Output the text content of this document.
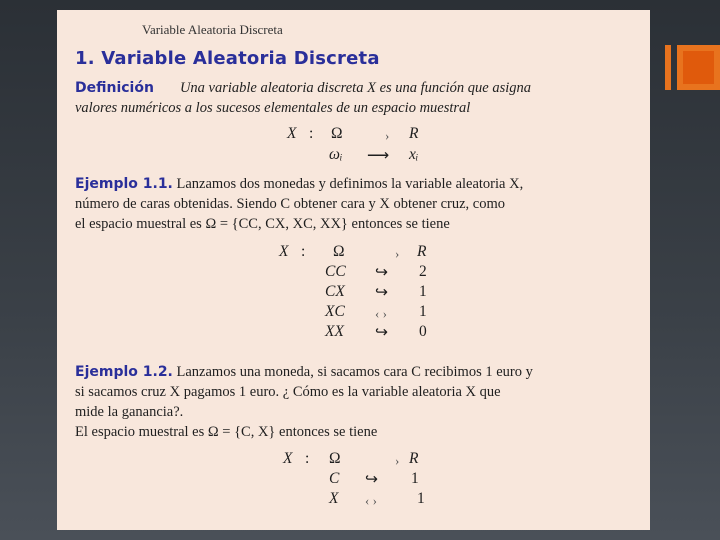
Variable Aleatoria Discreta
1. Variable Aleatoria Discreta
Definición Una variable aleatoria discreta X es una función que asigna
valores numéricos a los sucesos elementales de un espacio muestral
X : Ω	› R
ωᵢ ⟶ xᵢ
Ejemplo 1.1. Lanzamos dos monedas y definimos la variable aleatoria X,
número de caras obtenidas. Siendo C obtener cara y X obtener cruz, como
el espacio muestral es Ω = {CC, CX, XC, XX} entonces se tiene
X : Ω	› R
CC ↪ 2
CX ↪ 1
XC ‹ › 1
XX ↪ 0
Ejemplo 1.2. Lanzamos una moneda, si sacamos cara C recibimos 1 euro y
si sacamos cruz X pagamos 1 euro. ¿ Cómo es la variable aleatoria X que
mide la ganancia?.
El espacio muestral es Ω = {C, X} entonces se tiene
X : Ω	› R
C ↪ 1
X ‹ ›	1
